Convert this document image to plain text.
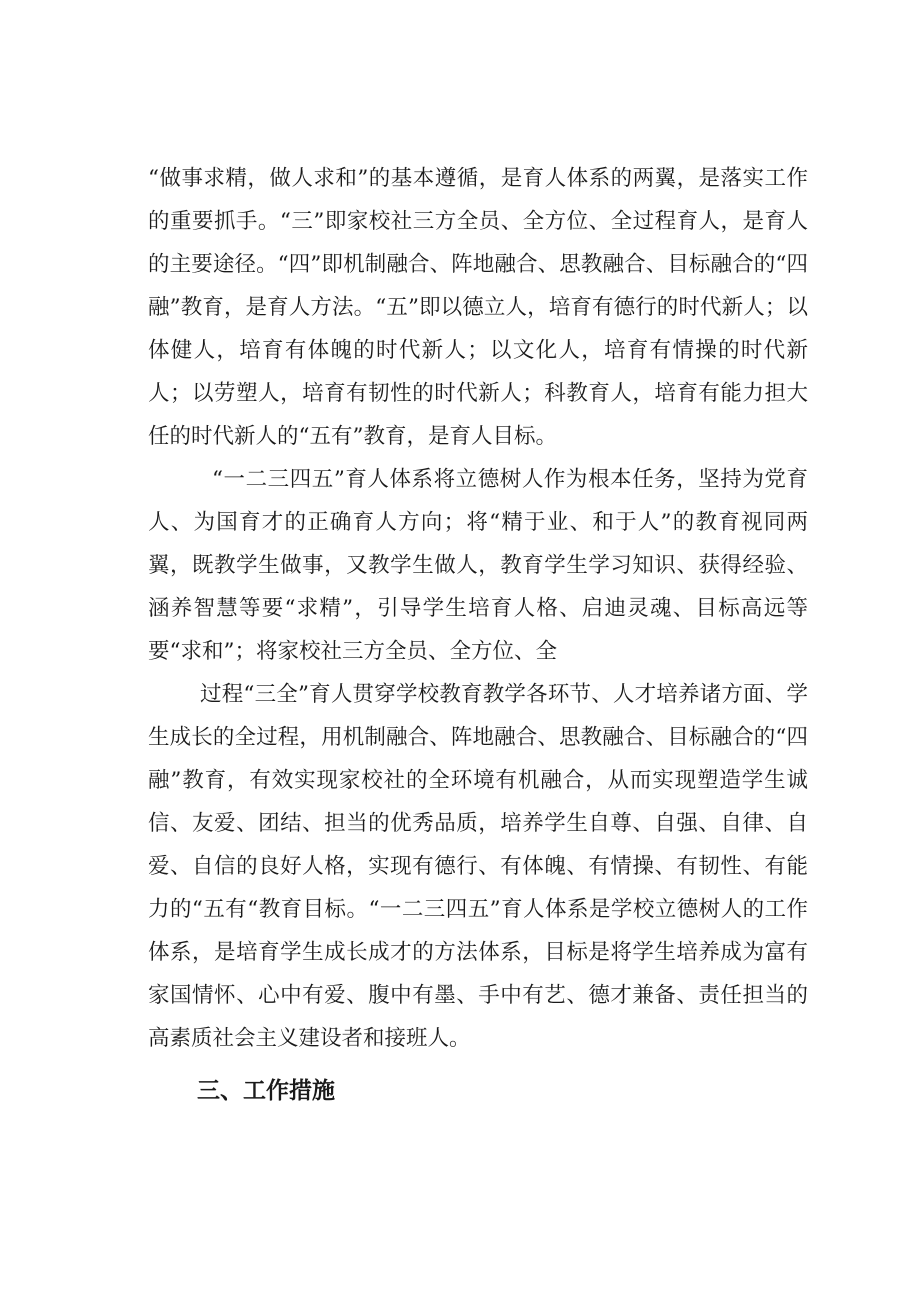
“做事求精，做人求和”的基本遵循，是育人体系的两翼，是落实工作的重要抓手。“三”即家校社三方全员、全方位、全过程育人，是育人的主要途径。“四”即机制融合、阵地融合、思教融合、目标融合的“四融”教育，是育人方法。“五”即以德立人，培育有德行的时代新人；以体健人，培育有体魄的时代新人；以文化人，培育有情操的时代新人；以劳塑人，培育有韧性的时代新人；科教育人，培育有能力担大任的时代新人的“五有”教育，是育人目标。

“一二三四五”育人体系将立德树人作为根本任务，坚持为党育人、为国育才的正确育人方向；将“精于业、和于人”的教育视同两翼，既教学生做事，又教学生做人，教育学生学习知识、获得经验、涵养智慧等要“求精”，引导学生培育人格、启迪灵魂、目标高远等要“求和”；将家校社三方全员、全方位、全

过程“三全”育人贯穿学校教育教学各环节、人才培养诸方面、学生成长的全过程，用机制融合、阵地融合、思教融合、目标融合的“四融”教育，有效实现家校社的全环境有机融合，从而实现塑造学生诚信、友爱、团结、担当的优秀品质，培养学生自尊、自强、自律、自爱、自信的良好人格，实现有德行、有体魄、有情操、有韧性、有能力的“五有“教育目标。“一二三四五”育人体系是学校立德树人的工作体系，是培育学生成长成才的方法体系，目标是将学生培养成为富有家国情怀、心中有爱、腹中有墨、手中有艺、德才兼备、责任担当的高素质社会主义建设者和接班人。

三、工作措施
